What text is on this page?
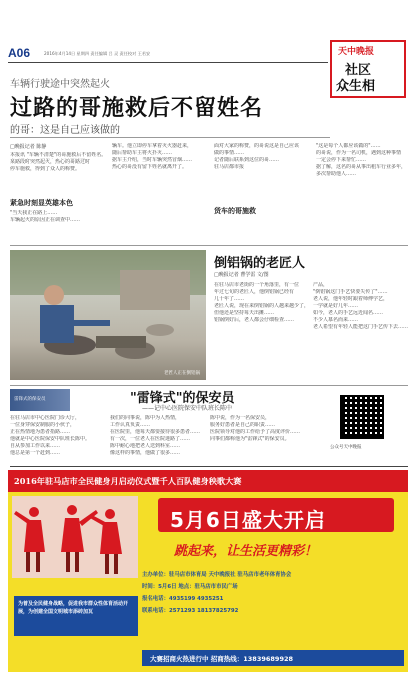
A06	2016年4月14日 星期四 责任编辑 吕 灵 责任校对 王若安	天中晚报
社区
众生相
车辆行驶途中突然起火
过路的哥施救后不留姓名
的哥：这是自己应该做的
□晚报记者 陈静

本报讯 "车辆不清楚"的哥施救后不留姓名。

某路段时突然起火，热心的哥路过时

停车施救，得到了众人的称赞。

紧急时刻显英雄本色

"当天我正在路上……

车辆起火的原因正在调查中……

辆车。他立即停车拿着灭火器赶来，

随后帮助车主将火扑灭……

据车主介绍，当时车辆突然冒烟……

热心的哥没有留下姓名就离开了。

面对大家的称赞，的哥说这是自己应该

做的事情……

记者随后联系到这位的哥……

驻马店都市报

货车的哥施救

"这是每个人都应该做的"……

的哥说，作为一名司机，遇到这种事情

一定会停下来帮忙……

据了解，这名的哥从事出租车行业多年，

多次帮助他人……

老匠人正在倒铝锅
倒铝锅的老匠人
□晚报记者 曹学雷 文/图

在驻马店市老街的一个角落里，有一位

年过七旬的老匠人，他倒铝锅已经有

几十年了……

老匠人说，现在来倒铝锅的人越来越少了，

但他还是坚持每天出摊……

铝锅倒好后，老人都会仔细检查……

产品，

"倒铝锅这门手艺快要失传了"……

老人说，他年轻时跟着师傅学艺，

一学就是好几年……

如今，老人的手艺远近闻名……

不少人慕名而来……

老人希望有年轻人能把这门手艺传下去……

雷锋式的保安员	"雷锋式"的保安员
——记中心医院保安中队班长陈中

在驻马店市中心医院门诊大厅，

一位身穿保安制服的小伙子，

正在热情地为患者指路……

他就是中心医院保安中队班长陈中。

自从参加工作以来……

他总是第一个赶到……

我们的同事说，陈中为人热情，

工作认真负责……

在医院里，他每天都要接待很多患者……

有一次，一位老人在医院迷路了……

陈中耐心地把老人送到科室……

像这样的事情，他做了很多……

陈中说，作为一名保安员，

服务好患者是自己的职责……

医院领导对他的工作给予了高度评价……

同事们都称他为"雷锋式"的保安员。

公众号天中晚报
2016年驻马店市全民健身月启动仪式暨千人百队健身秧歌大赛
5月6日盛大开启
跳起来，让生活更精彩！
主办单位：驻马店市体育局 天中晚报社 驻马店市老年体育协会
时间：5月6日 地点：驻马店市市民广场
报名电话：4935199 4935251
联系电话：2571293 18137825792
为普及全民健身战略，促进我市群众性体育活动开展，为创建全国文明城市添砖加瓦
大赛招商火热进行中 招商热线：13839689928
